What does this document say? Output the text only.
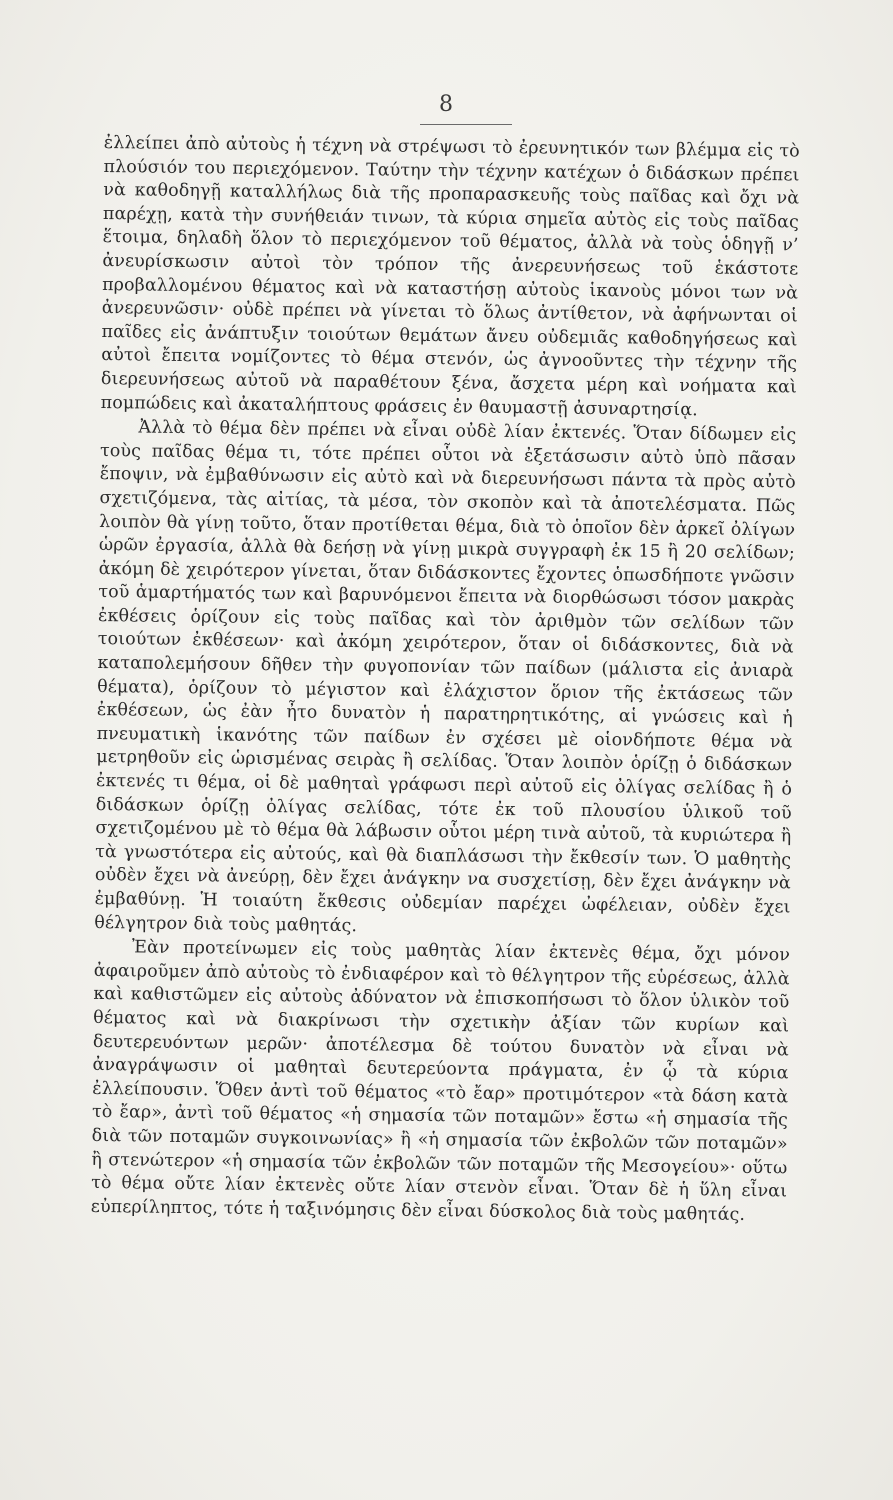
8

ἐλλείπει ἀπὸ αὐτοὺς ἡ τέχνη νὰ στρέψωσι τὸ ἐρευνητικόν των βλέμμα εἰς τὸ πλούσιόν του περιεχόμενον. Ταύτην τὴν τέχνην κατέχων ὁ διδάσκων πρέπει νὰ καθοδηγῇ καταλλήλως διὰ τῆς προπαρασκευῆς τοὺς παῖδας καὶ ὄχι νὰ παρέχῃ, κατὰ τὴν συνήθειάν τινων, τὰ κύρια σημεῖα αὐτὸς εἰς τοὺς παῖδας ἕτοιμα, δηλαδὴ ὅλον τὸ περιεχόμενον τοῦ θέματος, ἀλλὰ νὰ τοὺς ὁδηγῇ ν’ ἀνευρίσκωσιν αὐτοὶ τὸν τρόπον τῆς ἀνερευνήσεως τοῦ ἑκάστοτε προβαλλομένου θέματος καὶ νὰ καταστήσῃ αὐτοὺς ἱκανοὺς μόνοι των νὰ ἀνερευνῶσιν· οὐδὲ πρέπει νὰ γίνεται τὸ ὅλως ἀντίθετον, νὰ ἀφήνωνται οἱ παῖδες εἰς ἀνάπτυξιν τοιούτων θεμάτων ἄνευ οὐδεμιᾶς καθοδηγήσεως καὶ αὐτοὶ ἔπειτα νομίζοντες τὸ θέμα στενόν, ὡς ἀγνοοῦντες τὴν τέχνην τῆς διερευνήσεως αὐτοῦ νὰ παραθέτουν ξένα, ἄσχετα μέρη καὶ νοήματα καὶ πομπώδεις καὶ ἀκαταλήπτους φράσεις ἐν θαυμαστῇ ἀσυναρτησίᾳ.

Ἀλλὰ τὸ θέμα δὲν πρέπει νὰ εἶναι οὐδὲ λίαν ἐκτενές. Ὅταν δίδωμεν εἰς τοὺς παῖδας θέμα τι, τότε πρέπει οὗτοι νὰ ἐξετάσωσιν αὐτὸ ὑπὸ πᾶσαν ἔποψιν, νὰ ἐμβαθύνωσιν εἰς αὐτὸ καὶ νὰ διερευνήσωσι πάντα τὰ πρὸς αὐτὸ σχετιζόμενα, τὰς αἰτίας, τὰ μέσα, τὸν σκοπὸν καὶ τὰ ἀποτελέσματα. Πῶς λοιπὸν θὰ γίνῃ τοῦτο, ὅταν προτίθεται θέμα, διὰ τὸ ὁποῖον δὲν ἀρκεῖ ὀλίγων ὡρῶν ἐργασία, ἀλλὰ θὰ δεήσῃ νὰ γίνῃ μικρὰ συγγραφὴ ἐκ 15 ἢ 20 σελίδων; ἀκόμη δὲ χειρότερον γίνεται, ὅταν διδάσκοντες ἔχοντες ὁπωσδήποτε γνῶσιν τοῦ ἁμαρτήματός των καὶ βαρυνόμενοι ἔπειτα νὰ διορθώσωσι τόσον μακρὰς ἐκθέσεις ὁρίζουν εἰς τοὺς παῖδας καὶ τὸν ἀριθμὸν τῶν σελίδων τῶν τοιούτων ἐκθέσεων· καὶ ἀκόμη χειρότερον, ὅταν οἱ διδάσκοντες, διὰ νὰ καταπολεμήσουν δῆθεν τὴν φυγοπονίαν τῶν παίδων (μάλιστα εἰς ἀνιαρὰ θέματα), ὁρίζουν τὸ μέγιστον καὶ ἐλάχιστον ὅριον τῆς ἐκτάσεως τῶν ἐκθέσεων, ὡς ἐὰν ἦτο δυνατὸν ἡ παρατηρητικότης, αἱ γνώσεις καὶ ἡ πνευματικὴ ἱκανότης τῶν παίδων ἐν σχέσει μὲ οἱονδήποτε θέμα νὰ μετρηθοῦν εἰς ὡρισμένας σειρὰς ἢ σελίδας. Ὅταν λοιπὸν ὁρίζῃ ὁ διδάσκων ἐκτενές τι θέμα, οἱ δὲ μαθηταὶ γράφωσι περὶ αὐτοῦ εἰς ὀλίγας σελίδας ἢ ὁ διδάσκων ὁρίζῃ ὀλίγας σελίδας, τότε ἐκ τοῦ πλουσίου ὑλικοῦ τοῦ σχετιζομένου μὲ τὸ θέμα θὰ λάβωσιν οὗτοι μέρη τινὰ αὐτοῦ, τὰ κυριώτερα ἢ τὰ γνωστότερα εἰς αὐτούς, καὶ θὰ διαπλάσωσι τὴν ἔκθεσίν των. Ὁ μαθητὴς οὐδὲν ἔχει νὰ ἀνεύρῃ, δὲν ἔχει ἀνάγκην να συσχετίσῃ, δὲν ἔχει ἀνάγκην νὰ ἐμβαθύνῃ. Ἡ τοιαύτη ἔκθεσις οὐδεμίαν παρέχει ὠφέλειαν, οὐδὲν ἔχει θέλγητρον διὰ τοὺς μαθητάς.

Ἐὰν προτείνωμεν εἰς τοὺς μαθητὰς λίαν ἐκτενὲς θέμα, ὄχι μόνον ἀφαιροῦμεν ἀπὸ αὐτοὺς τὸ ἐνδιαφέρον καὶ τὸ θέλγητρον τῆς εὑρέσεως, ἀλλὰ καὶ καθιστῶμεν εἰς αὐτοὺς ἀδύνατον νὰ ἐπισκοπήσωσι τὸ ὅλον ὑλικὸν τοῦ θέματος καὶ νὰ διακρίνωσι τὴν σχετικὴν ἀξίαν τῶν κυρίων καὶ δευτερευόντων μερῶν· ἀποτέλεσμα δὲ τούτου δυνατὸν νὰ εἶναι νὰ ἀναγράψωσιν οἱ μαθηταὶ δευτερεύοντα πράγματα, ἐν ᾧ τὰ κύρια ἐλλείπουσιν. Ὅθεν ἀντὶ τοῦ θέματος «τὸ ἔαρ» προτιμότερον «τὰ δάση κατὰ τὸ ἔαρ», ἀντὶ τοῦ θέματος «ἡ σημασία τῶν ποταμῶν» ἔστω «ἡ σημασία τῆς διὰ τῶν ποταμῶν συγκοινωνίας» ἢ «ἡ σημασία τῶν ἐκβολῶν τῶν ποταμῶν» ἢ στενώτερον «ἡ σημασία τῶν ἐκβολῶν τῶν ποταμῶν τῆς Μεσογείου»· οὕτω τὸ θέμα οὔτε λίαν ἐκτενὲς οὔτε λίαν στενὸν εἶναι. Ὅταν δὲ ἡ ὕλη εἶναι εὐπερίληπτος, τότε ἡ ταξινόμησις δὲν εἶναι δύσκολος διὰ τοὺς μαθητάς.
